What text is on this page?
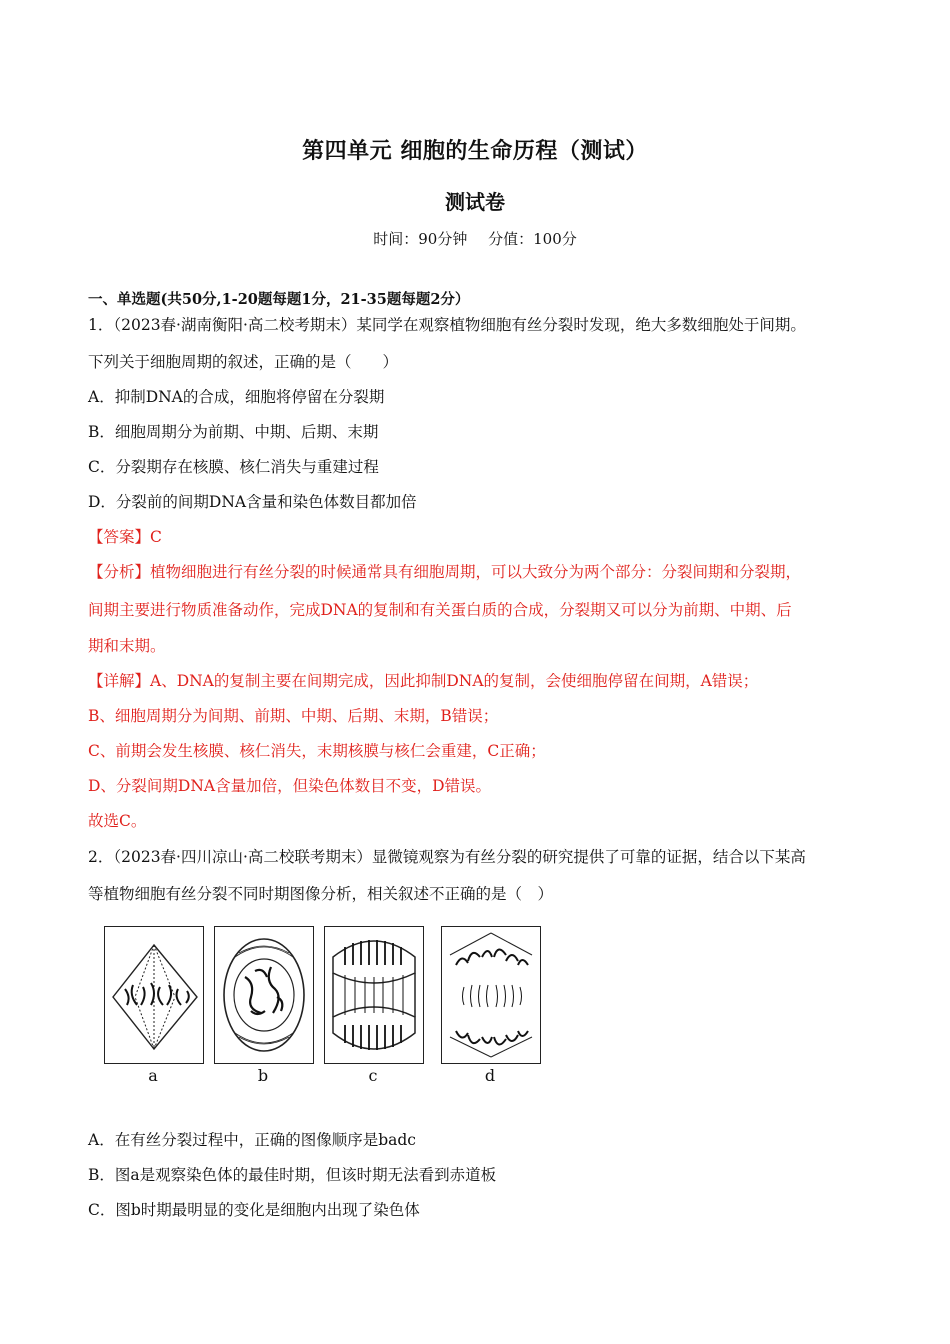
第四单元 细胞的生命历程（测试）
测试卷
时间：90分钟 分值：100分
一、单选题(共50分,1-20题每题1分，21-35题每题2分）
1．（2023春·湖南衡阳·高二校考期末）某同学在观察植物细胞有丝分裂时发现，绝大多数细胞处于间期。
下列关于细胞周期的叙述，正确的是（　　）
A．抑制DNA的合成，细胞将停留在分裂期
B．细胞周期分为前期、中期、后期、末期
C．分裂期存在核膜、核仁消失与重建过程
D．分裂前的间期DNA含量和染色体数目都加倍
【答案】C
【分析】植物细胞进行有丝分裂的时候通常具有细胞周期，可以大致分为两个部分：分裂间期和分裂期，
间期主要进行物质准备动作，完成DNA的复制和有关蛋白质的合成，分裂期又可以分为前期、中期、后
期和末期。
【详解】A、DNA的复制主要在间期完成，因此抑制DNA的复制，会使细胞停留在间期，A错误；
B、细胞周期分为间期、前期、中期、后期、末期，B错误；
C、前期会发生核膜、核仁消失，末期核膜与核仁会重建，C正确；
D、分裂间期DNA含量加倍，但染色体数目不变，D错误。
故选C。
2．（2023春·四川凉山·高二校联考期末）显微镜观察为有丝分裂的研究提供了可靠的证据，结合以下某高
等植物细胞有丝分裂不同时期图像分析，相关叙述不正确的是（　）
a	b	c	d
A．在有丝分裂过程中，正确的图像顺序是badc
B．图a是观察染色体的最佳时期，但该时期无法看到赤道板
C．图b时期最明显的变化是细胞内出现了染色体
